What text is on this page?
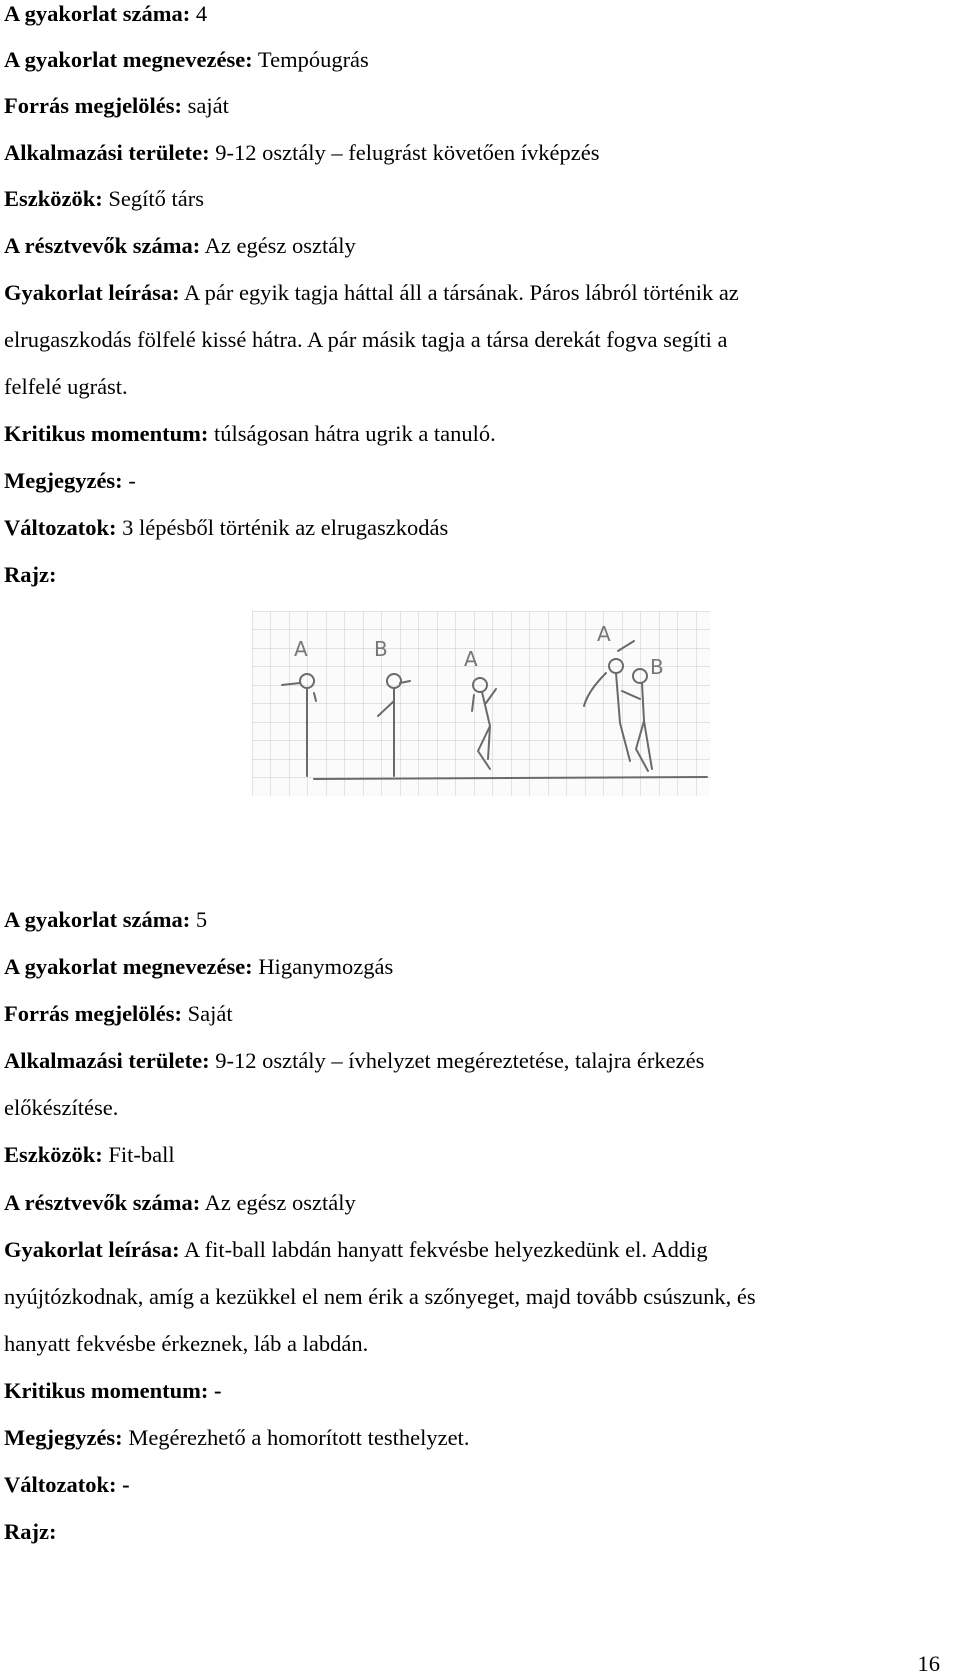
A gyakorlat száma: 4
A gyakorlat megnevezése: Tempóugrás
Forrás megjelölés: saját
Alkalmazási területe: 9-12 osztály – felugrást követően ívképzés
Eszközök: Segítő társ
A résztvevők száma: Az egész osztály
Gyakorlat leírása: A pár egyik tagja háttal áll a társának. Páros lábról történik az
elrugaszkodás fölfelé kissé hátra. A pár másik tagja a társa derekát fogva segíti a
felfelé ugrást.
Kritikus momentum: túlságosan hátra ugrik a tanuló.
Megjegyzés: -
Változatok: 3 lépésből történik az elrugaszkodás
Rajz:
A	B	A
A
B
A gyakorlat száma: 5
A gyakorlat megnevezése: Higanymozgás
Forrás megjelölés: Saját
Alkalmazási területe: 9-12 osztály – ívhelyzet megéreztetése, talajra érkezés
előkészítése.
Eszközök: Fit-ball
A résztvevők száma: Az egész osztály
Gyakorlat leírása: A fit-ball labdán hanyatt fekvésbe helyezkedünk el. Addig
nyújtózkodnak, amíg a kezükkel el nem érik a szőnyeget, majd tovább csúszunk, és
hanyatt fekvésbe érkeznek, láb a labdán.
Kritikus momentum: -
Megjegyzés: Megérezhető a homorított testhelyzet.
Változatok: -
Rajz:
16
